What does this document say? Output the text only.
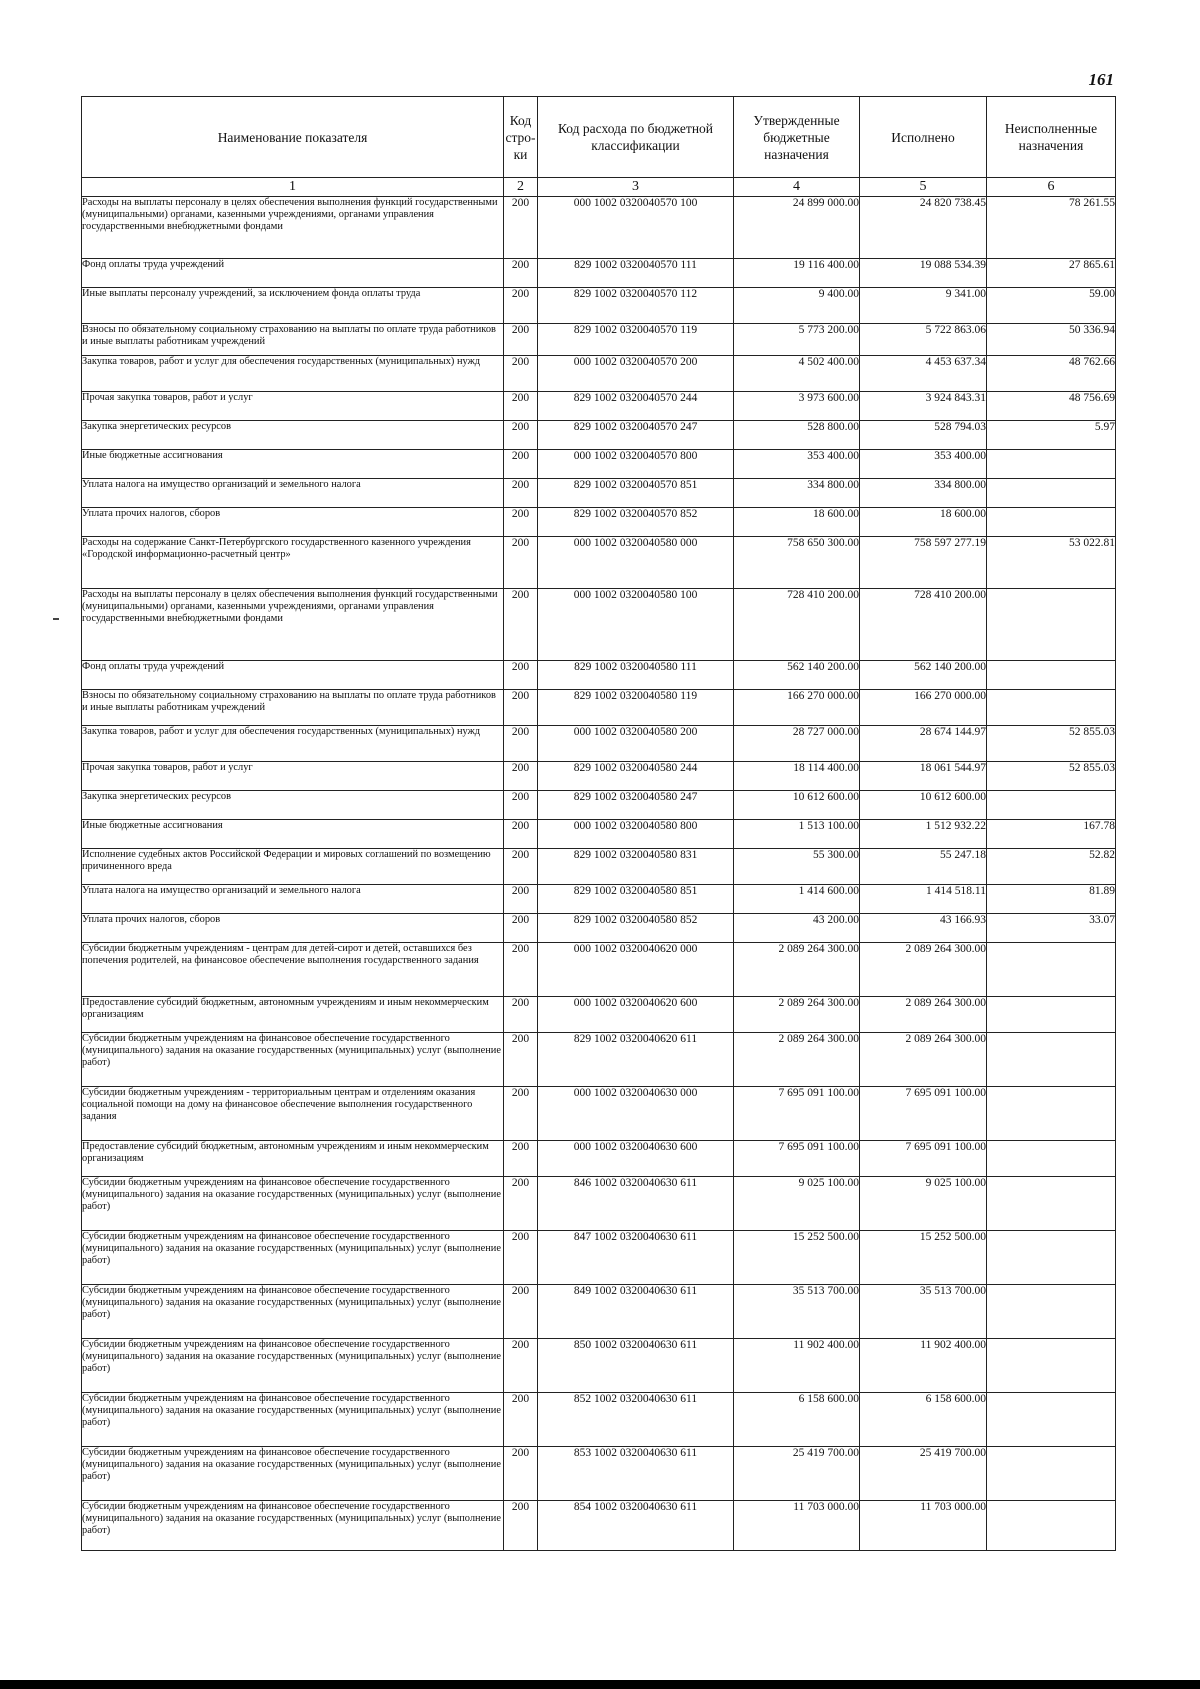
161
Наименование показателя	Код стро-ки	Код расхода по бюджетной классификации	Утвержденные бюджетные назначения	Исполнено	Неисполненные назначения
1	2	3	4	5	6
Расходы на выплаты персоналу в целях обеспечения выполнения функций государственными (муниципальными) органами, казенными учреждениями, органами управления государственными внебюджетными фондами	200	000 1002 0320040570 100	24 899 000.00	24 820 738.45	78 261.55
Фонд оплаты труда учреждений	200	829 1002 0320040570 111	19 116 400.00	19 088 534.39	27 865.61
Иные выплаты персоналу учреждений, за исключением фонда оплаты труда	200	829 1002 0320040570 112	9 400.00	9 341.00	59.00
Взносы по обязательному социальному страхованию на выплаты по оплате труда работников и иные выплаты работникам учреждений	200	829 1002 0320040570 119	5 773 200.00	5 722 863.06	50 336.94
Закупка товаров, работ и услуг для обеспечения государственных (муниципальных) нужд	200	000 1002 0320040570 200	4 502 400.00	4 453 637.34	48 762.66
Прочая закупка товаров, работ и услуг	200	829 1002 0320040570 244	3 973 600.00	3 924 843.31	48 756.69
Закупка энергетических ресурсов	200	829 1002 0320040570 247	528 800.00	528 794.03	5.97
Иные бюджетные ассигнования	200	000 1002 0320040570 800	353 400.00	353 400.00	
Уплата налога на имущество организаций и земельного налога	200	829 1002 0320040570 851	334 800.00	334 800.00	
Уплата прочих налогов, сборов	200	829 1002 0320040570 852	18 600.00	18 600.00	
Расходы на содержание Санкт-Петербургского государственного казенного учреждения «Городской информационно-расчетный центр»	200	000 1002 0320040580 000	758 650 300.00	758 597 277.19	53 022.81
Расходы на выплаты персоналу в целях обеспечения выполнения функций государственными (муниципальными) органами, казенными учреждениями, органами управления государственными внебюджетными фондами	200	000 1002 0320040580 100	728 410 200.00	728 410 200.00	
Фонд оплаты труда учреждений	200	829 1002 0320040580 111	562 140 200.00	562 140 200.00	
Взносы по обязательному социальному страхованию на выплаты по оплате труда работников и иные выплаты работникам учреждений	200	829 1002 0320040580 119	166 270 000.00	166 270 000.00	
Закупка товаров, работ и услуг для обеспечения государственных (муниципальных) нужд	200	000 1002 0320040580 200	28 727 000.00	28 674 144.97	52 855.03
Прочая закупка товаров, работ и услуг	200	829 1002 0320040580 244	18 114 400.00	18 061 544.97	52 855.03
Закупка энергетических ресурсов	200	829 1002 0320040580 247	10 612 600.00	10 612 600.00	
Иные бюджетные ассигнования	200	000 1002 0320040580 800	1 513 100.00	1 512 932.22	167.78
Исполнение судебных актов Российской Федерации и мировых соглашений по возмещению причиненного вреда	200	829 1002 0320040580 831	55 300.00	55 247.18	52.82
Уплата налога на имущество организаций и земельного налога	200	829 1002 0320040580 851	1 414 600.00	1 414 518.11	81.89
Уплата прочих налогов, сборов	200	829 1002 0320040580 852	43 200.00	43 166.93	33.07
Субсидии бюджетным учреждениям - центрам для детей-сирот и детей, оставшихся без попечения родителей, на финансовое обеспечение выполнения государственного задания	200	000 1002 0320040620 000	2 089 264 300.00	2 089 264 300.00	
Предоставление субсидий бюджетным, автономным учреждениям и иным некоммерческим организациям	200	000 1002 0320040620 600	2 089 264 300.00	2 089 264 300.00	
Субсидии бюджетным учреждениям на финансовое обеспечение государственного (муниципального) задания на оказание государственных (муниципальных) услуг (выполнение работ)	200	829 1002 0320040620 611	2 089 264 300.00	2 089 264 300.00	
Субсидии бюджетным учреждениям - территориальным центрам и отделениям оказания социальной помощи на дому на финансовое обеспечение выполнения государственного задания	200	000 1002 0320040630 000	7 695 091 100.00	7 695 091 100.00	
Предоставление субсидий бюджетным, автономным учреждениям и иным некоммерческим организациям	200	000 1002 0320040630 600	7 695 091 100.00	7 695 091 100.00	
Субсидии бюджетным учреждениям на финансовое обеспечение государственного (муниципального) задания на оказание государственных (муниципальных) услуг (выполнение работ)	200	846 1002 0320040630 611	9 025 100.00	9 025 100.00	
Субсидии бюджетным учреждениям на финансовое обеспечение государственного (муниципального) задания на оказание государственных (муниципальных) услуг (выполнение работ)	200	847 1002 0320040630 611	15 252 500.00	15 252 500.00	
Субсидии бюджетным учреждениям на финансовое обеспечение государственного (муниципального) задания на оказание государственных (муниципальных) услуг (выполнение работ)	200	849 1002 0320040630 611	35 513 700.00	35 513 700.00	
Субсидии бюджетным учреждениям на финансовое обеспечение государственного (муниципального) задания на оказание государственных (муниципальных) услуг (выполнение работ)	200	850 1002 0320040630 611	11 902 400.00	11 902 400.00	
Субсидии бюджетным учреждениям на финансовое обеспечение государственного (муниципального) задания на оказание государственных (муниципальных) услуг (выполнение работ)	200	852 1002 0320040630 611	6 158 600.00	6 158 600.00	
Субсидии бюджетным учреждениям на финансовое обеспечение государственного (муниципального) задания на оказание государственных (муниципальных) услуг (выполнение работ)	200	853 1002 0320040630 611	25 419 700.00	25 419 700.00	
Субсидии бюджетным учреждениям на финансовое обеспечение государственного (муниципального) задания на оказание государственных (муниципальных) услуг (выполнение работ)	200	854 1002 0320040630 611	11 703 000.00	11 703 000.00	
